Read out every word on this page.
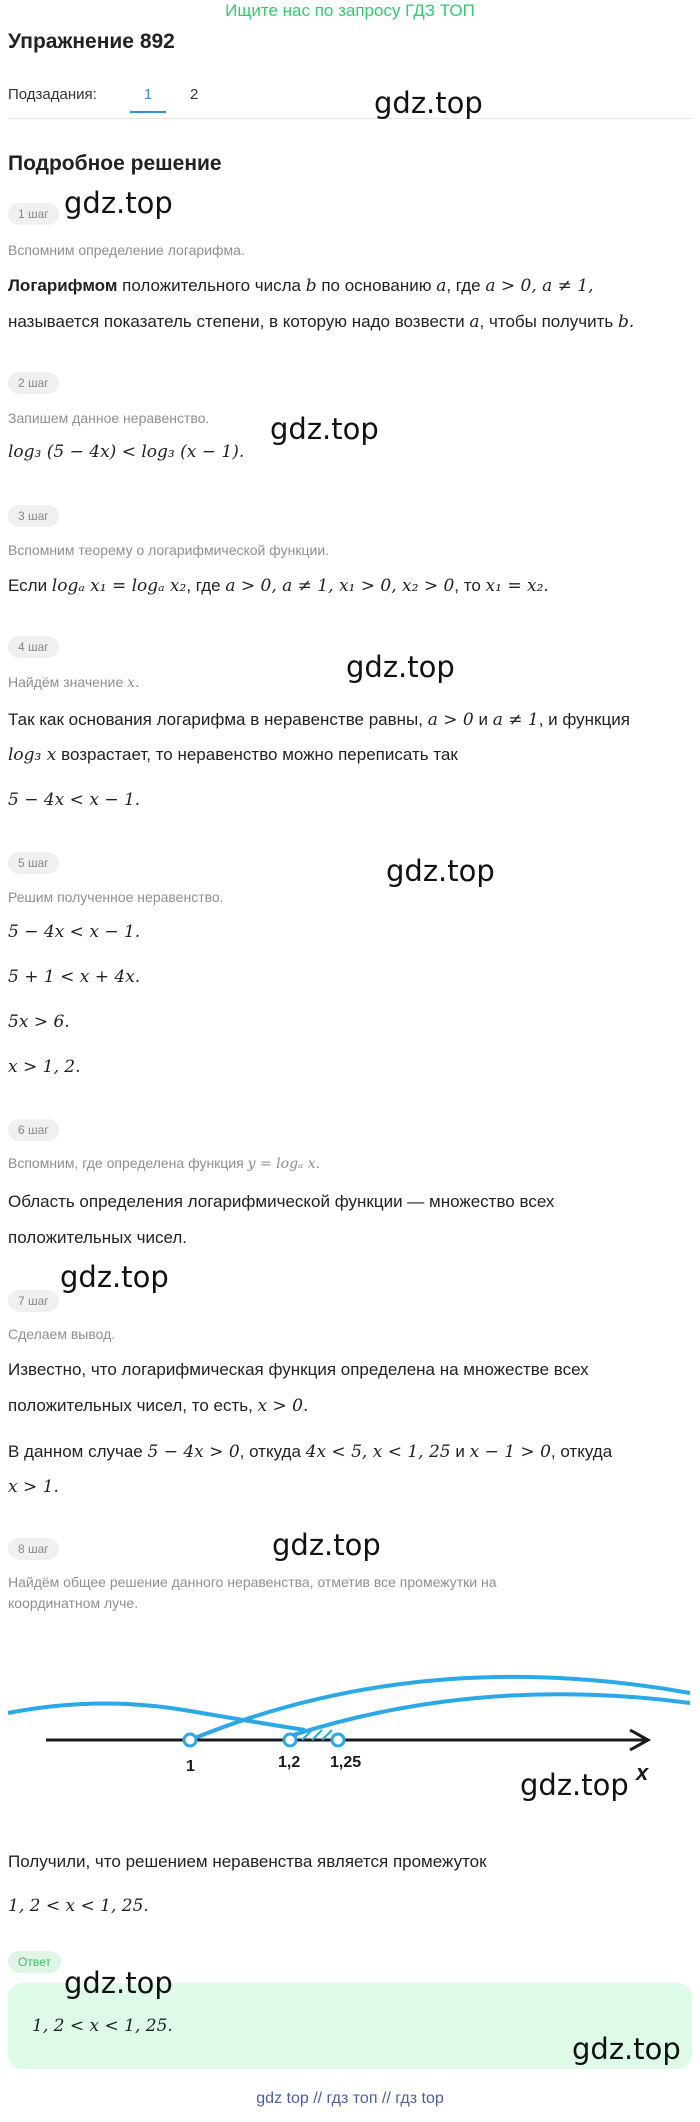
Ищите нас по запросу ГДЗ ТОП
Упражнение 892
Подзадания:	1	2	gdz.top
Подробное решение
1 шаг gdz.top
Вспомним определение логарифма.
Логарифмом положительного числа b по основанию a, где a > 0, a ≠ 1,
называется показатель степени, в которую надо возвести a, чтобы получить b.
2 шаг
Запишем данное неравенство.
log₃ (5 − 4x) < log₃ (x − 1).
gdz.top
3 шаг
Вспомним теорему о логарифмической функции.
Если logₐ x₁ = logₐ x₂, где a > 0, a ≠ 1, x₁ > 0, x₂ > 0, то x₁ = x₂.
4 шаг
Найдём значение x.	gdz.top
Так как основания логарифма в неравенстве равны, a > 0 и a ≠ 1, и функция
log₃ x возрастает, то неравенство можно переписать так
5 − 4x < x − 1.
5 шаг	gdz.top
Решим полученное неравенство.
5 − 4x < x − 1.
5 + 1 < x + 4x.
5x > 6.
x > 1, 2.
6 шаг
Вспомним, где определена функция y = logₐ x.
Область определения логарифмической функции — множество всех
положительных чисел.
gdz.top
7 шаг
Сделаем вывод.
Известно, что логарифмическая функция определена на множестве всех
положительных чисел, то есть, x > 0.
В данном случае 5 − 4x > 0, откуда 4x < 5, x < 1, 25 и x − 1 > 0, откуда
x > 1.
8 шаг	gdz.top
Найдём общее решение данного неравенства, отметив все промежутки на
координатном луче.
1	1,2 1,25	x
gdz.top
Получили, что решением неравенства является промежуток
1, 2 < x < 1, 25.
Ответ
1, 2 < x < 1, 25.
gdz.top
gdz.top
gdz top // гдз топ // гдз top
